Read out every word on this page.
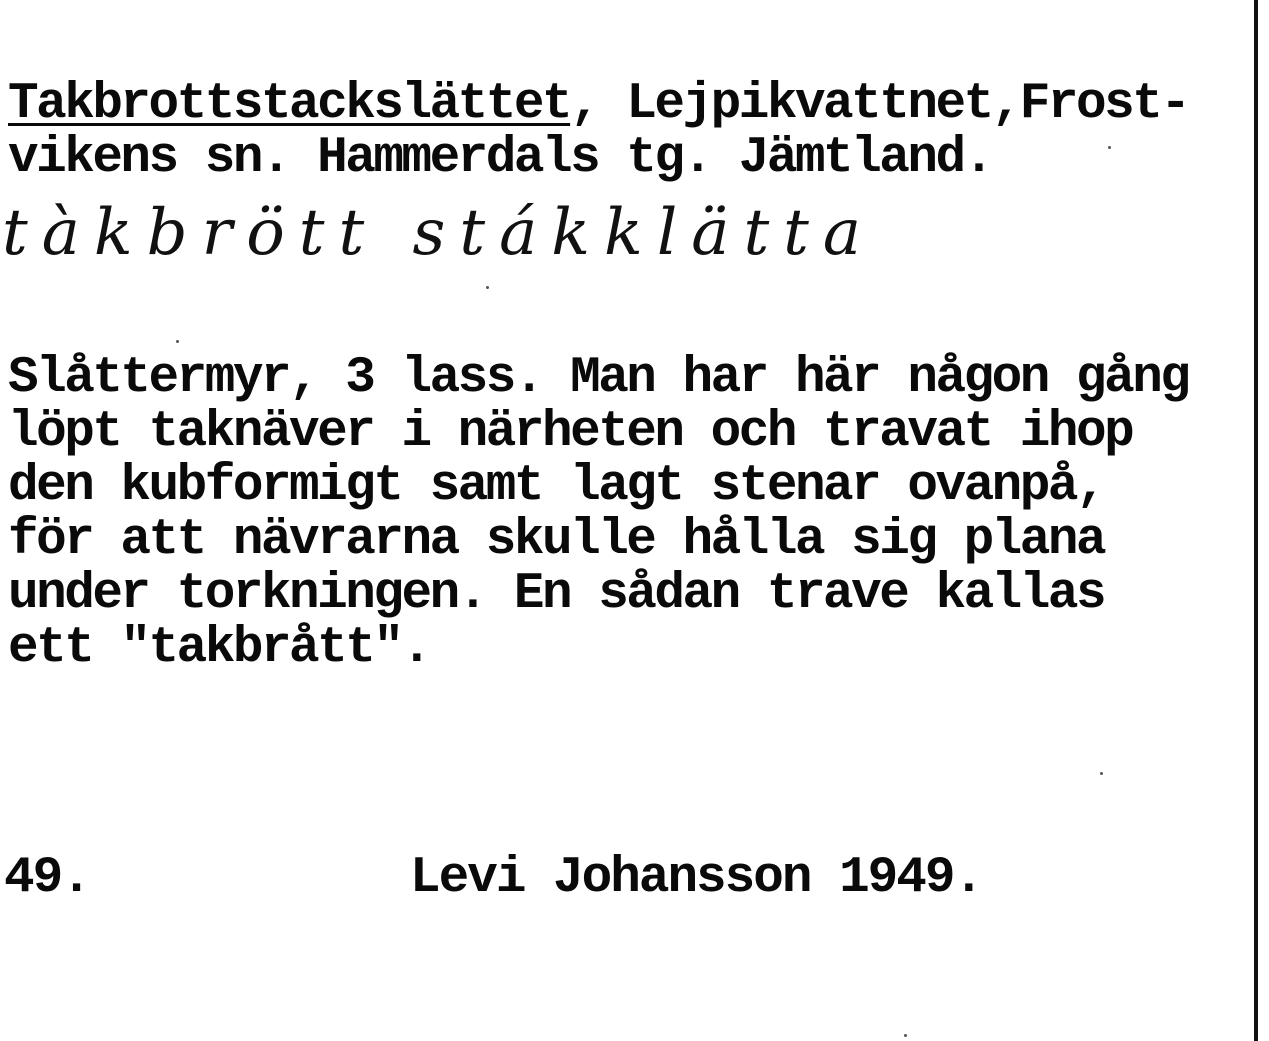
Takbrottstackslättet, Lejpikvattnet,Frost-
vikens sn. Hammerdals tg. Jämtland.
tàkbrött stákklätta
Slåttermyr, 3 lass. Man har här någon gång
löpt taknäver i närheten och travat ihop
den kubformigt samt lagt stenar ovanpå,
för att nävrarna skulle hålla sig plana
under torkningen. En sådan trave kallas
ett "takbrått".
49.	Levi Johansson 1949.
